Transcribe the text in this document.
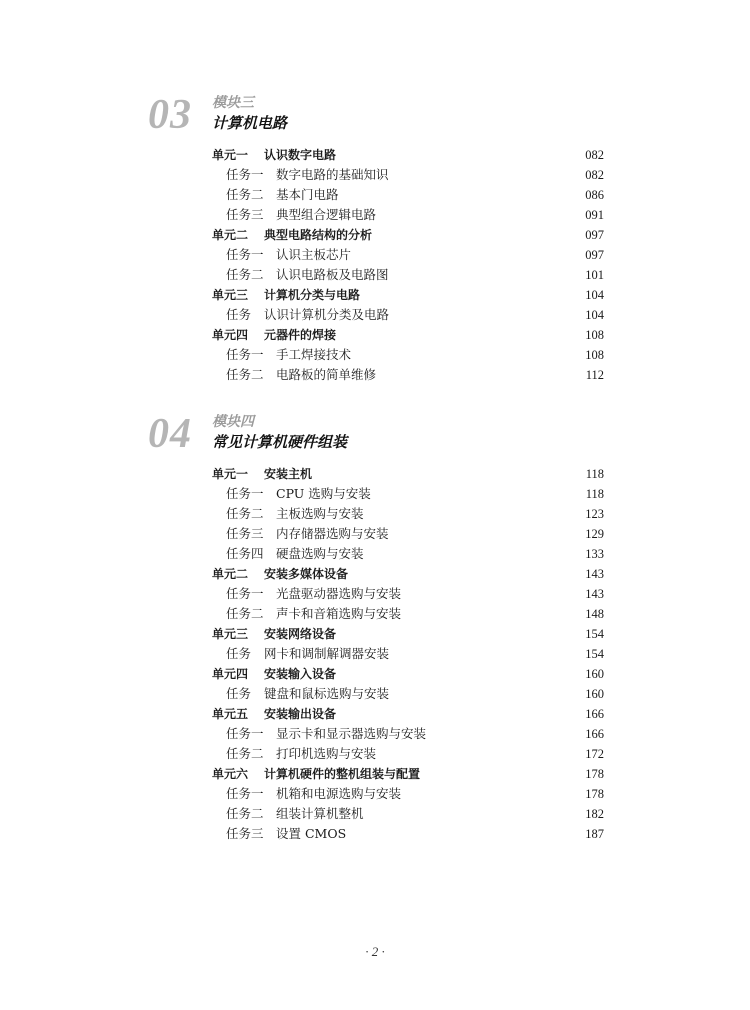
03 模块三
计算机电路
单元一 认识数字电路	082
任务一 数字电路的基础知识	082
任务二 基本门电路	086
任务三 典型组合逻辑电路	091
单元二 典型电路结构的分析	097
任务一 认识主板芯片	097
任务二 认识电路板及电路图	101
单元三 计算机分类与电路	104
任务 认识计算机分类及电路	104
单元四 元器件的焊接	108
任务一 手工焊接技术	108
任务二 电路板的简单维修	112
04 模块四
常见计算机硬件组装
单元一 安装主机	118
任务一 CPU 选购与安装	118
任务二 主板选购与安装	123
任务三 内存储器选购与安装	129
任务四 硬盘选购与安装	133
单元二 安装多媒体设备	143
任务一 光盘驱动器选购与安装	143
任务二 声卡和音箱选购与安装	148
单元三 安装网络设备	154
任务 网卡和调制解调器安装	154
单元四 安装输入设备	160
任务 键盘和鼠标选购与安装	160
单元五 安装输出设备	166
任务一 显示卡和显示器选购与安装	166
任务二 打印机选购与安装	172
单元六 计算机硬件的整机组装与配置	178
任务一 机箱和电源选购与安装	178
任务二 组装计算机整机	182
任务三 设置 CMOS	187
· 2 ·
